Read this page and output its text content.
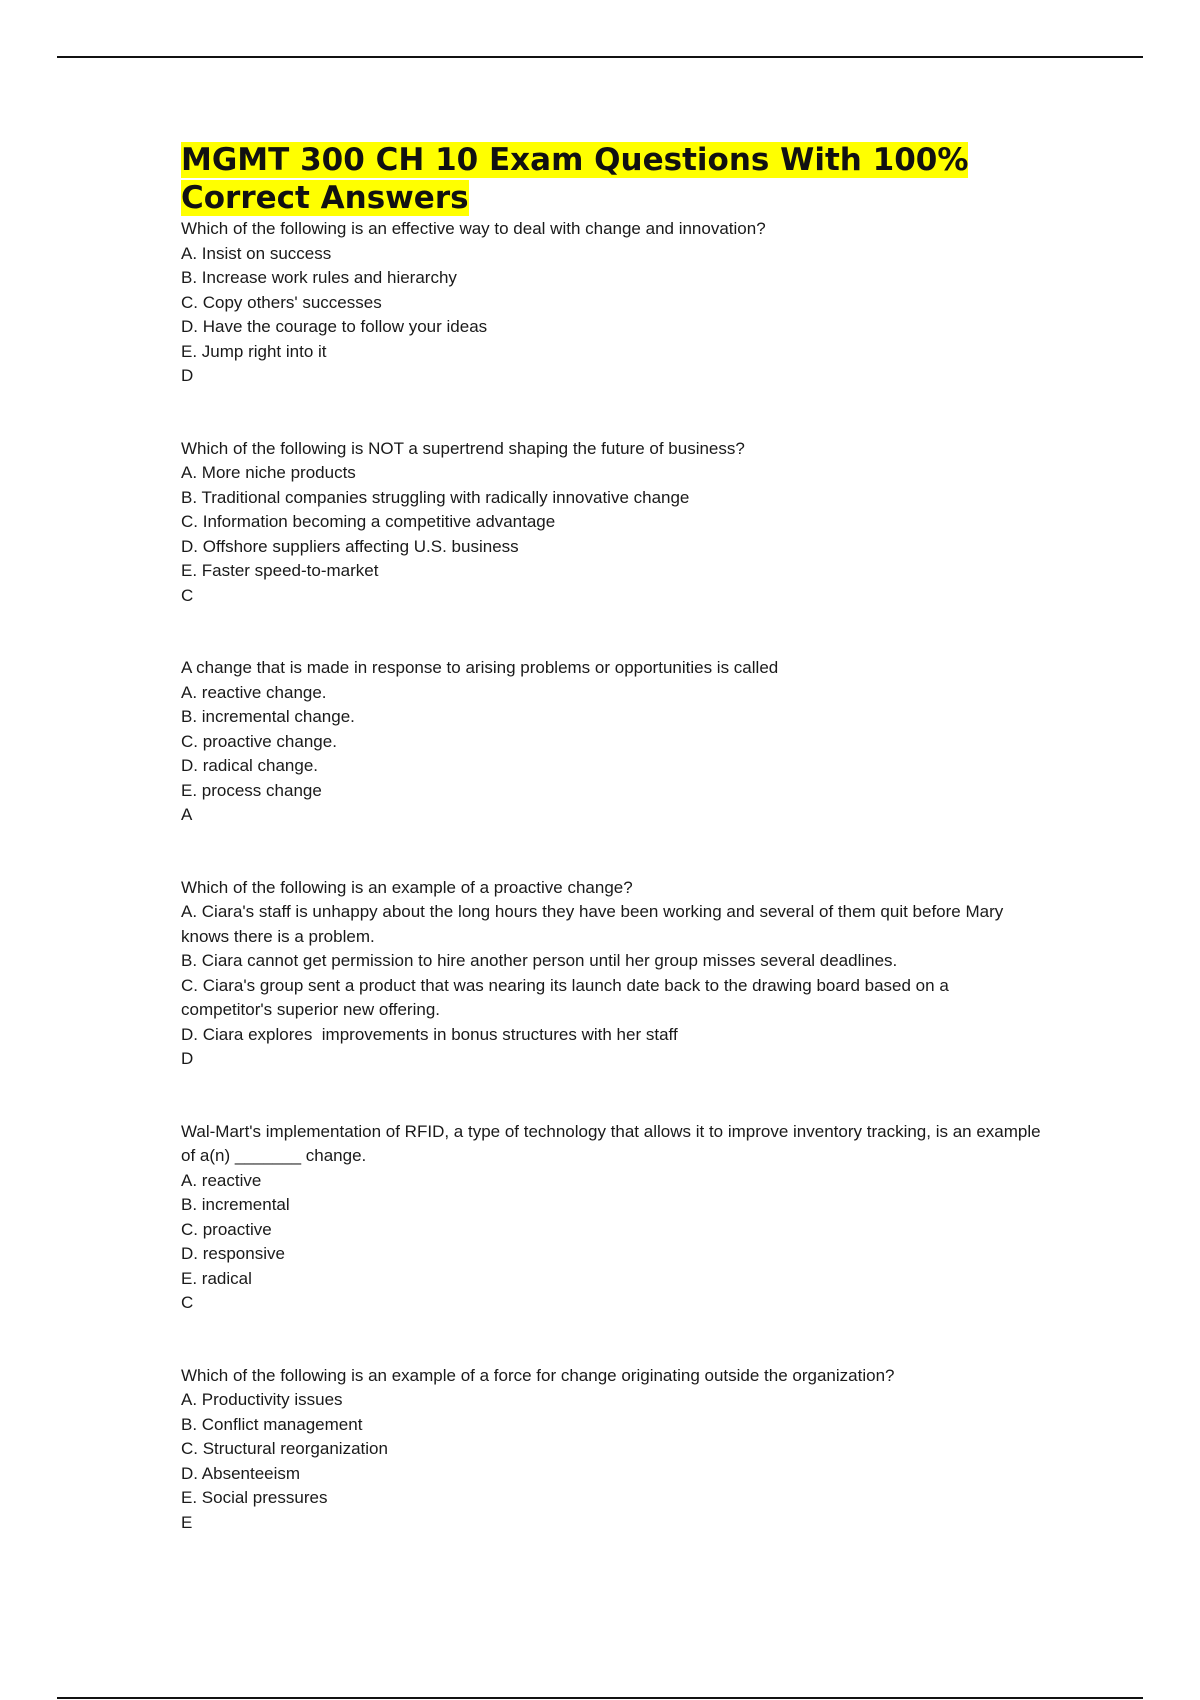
MGMT 300 CH 10 Exam Questions With 100%
Correct Answers

Which of the following is an effective way to deal with change and innovation?

A. Insist on success

B. Increase work rules and hierarchy

C. Copy others' successes

D. Have the courage to follow your ideas

E. Jump right into it

D

Which of the following is NOT a supertrend shaping the future of business?

A. More niche products

B. Traditional companies struggling with radically innovative change

C. Information becoming a competitive advantage

D. Offshore suppliers affecting U.S. business

E. Faster speed-to-market

C

A change that is made in response to arising problems or opportunities is called

A. reactive change.

B. incremental change.

C. proactive change.

D. radical change.

E. process change

A

Which of the following is an example of a proactive change?

A. Ciara's staff is unhappy about the long hours they have been working and several of them quit before Mary knows there is a problem.

B. Ciara cannot get permission to hire another person until her group misses several deadlines.

C. Ciara's group sent a product that was nearing its launch date back to the drawing board based on a competitor's superior new offering.

D. Ciara explores  improvements in bonus structures with her staff

D

Wal-Mart's implementation of RFID, a type of technology that allows it to improve inventory tracking, is an example of a(n) _______ change.

A. reactive

B. incremental

C. proactive

D. responsive

E. radical

C

Which of the following is an example of a force for change originating outside the organization?

A. Productivity issues

B. Conflict management

C. Structural reorganization

D. Absenteeism

E. Social pressures

E
